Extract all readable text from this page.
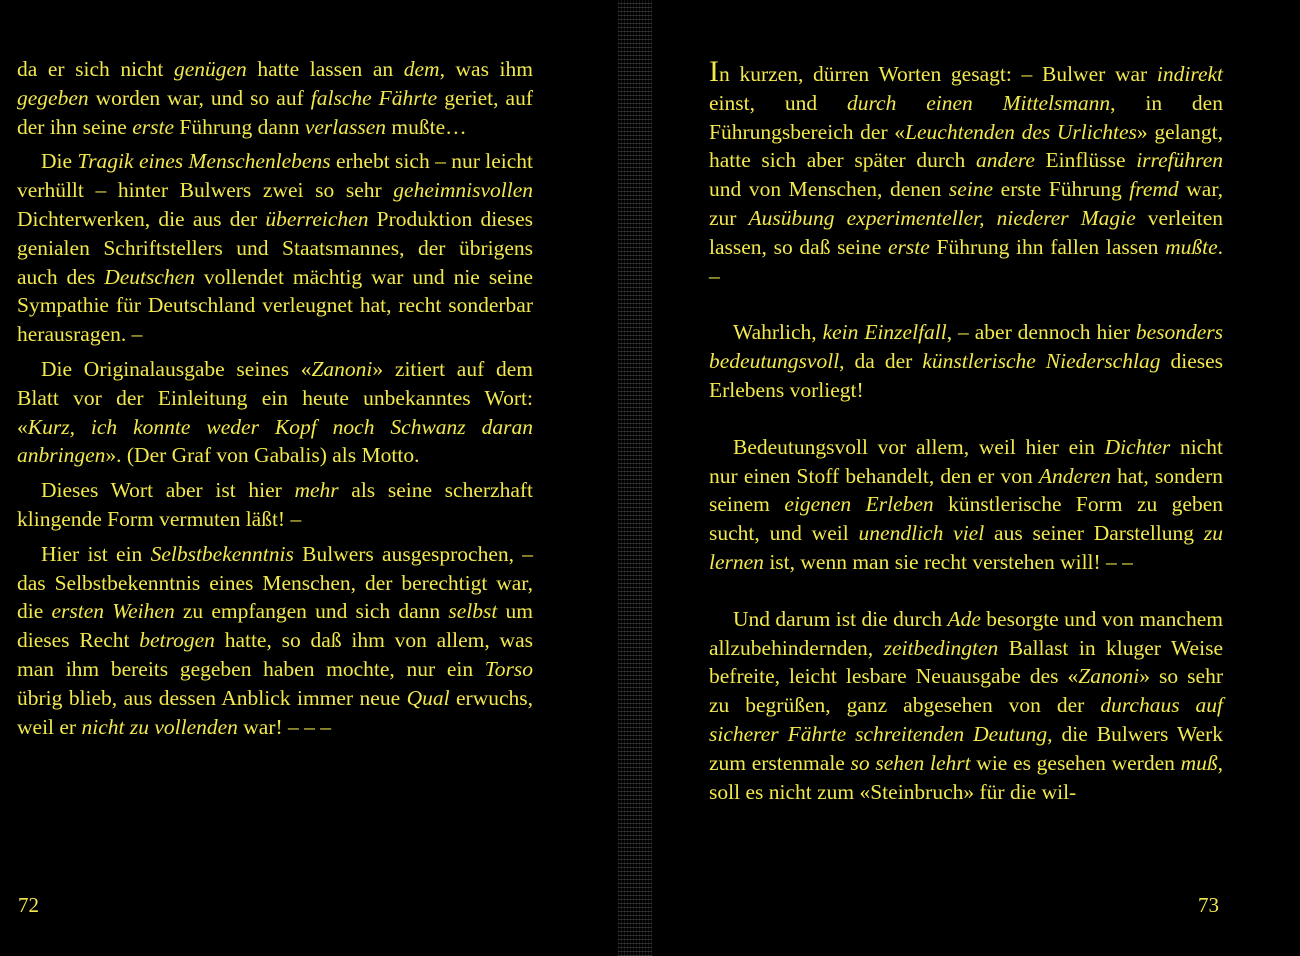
da er sich nicht genügen hatte lassen an dem, was ihm gegeben worden war, und so auf falsche Fährte geriet, auf der ihn seine erste Führung dann verlassen mußte…

Die Tragik eines Menschenlebens erhebt sich – nur leicht verhüllt – hinter Bulwers zwei so sehr geheimnisvollen Dichterwerken, die aus der überreichen Produktion dieses genialen Schriftstellers und Staatsmannes, der übrigens auch des Deutschen vollendet mächtig war und nie seine Sympathie für Deutschland verleugnet hat, recht sonderbar herausragen. –

Die Originalausgabe seines «Zanoni» zitiert auf dem Blatt vor der Einleitung ein heute unbekanntes Wort: «Kurz, ich konnte weder Kopf noch Schwanz daran anbringen». (Der Graf von Gabalis) als Motto.

Dieses Wort aber ist hier mehr als seine scherzhaft klingende Form vermuten läßt! –

Hier ist ein Selbstbekenntnis Bulwers ausgesprochen, – das Selbstbekenntnis eines Menschen, der berechtigt war, die ersten Weihen zu empfangen und sich dann selbst um dieses Recht betrogen hatte, so daß ihm von allem, was man ihm bereits gegeben haben mochte, nur ein Torso übrig blieb, aus dessen Anblick immer neue Qual erwuchs, weil er nicht zu vollenden war! – – –

72

In kurzen, dürren Worten gesagt: – Bulwer war indirekt einst, und durch einen Mittelsmann, in den Führungsbereich der «Leuchtenden des Urlichtes» gelangt, hatte sich aber später durch andere Einflüsse irreführen und von Menschen, denen seine erste Führung fremd war, zur Ausübung experimenteller, niederer Magie verleiten lassen, so daß seine erste Führung ihn fallen lassen mußte. –

Wahrlich, kein Einzelfall, – aber dennoch hier besonders bedeutungsvoll, da der künstlerische Niederschlag dieses Erlebens vorliegt!

Bedeutungsvoll vor allem, weil hier ein Dichter nicht nur einen Stoff behandelt, den er von Anderen hat, sondern seinem eigenen Erleben künstlerische Form zu geben sucht, und weil unendlich viel aus seiner Darstellung zu lernen ist, wenn man sie recht verstehen will! – –

Und darum ist die durch Ade besorgte und von manchem allzubehindernden, zeitbedingten Ballast in kluger Weise befreite, leicht lesbare Neuausgabe des «Zanoni» so sehr zu begrüßen, ganz abgesehen von der durchaus auf sicherer Fährte schreitenden Deutung, die Bulwers Werk zum erstenmale so sehen lehrt wie es gesehen werden muß, soll es nicht zum «Steinbruch» für die wil-

73
